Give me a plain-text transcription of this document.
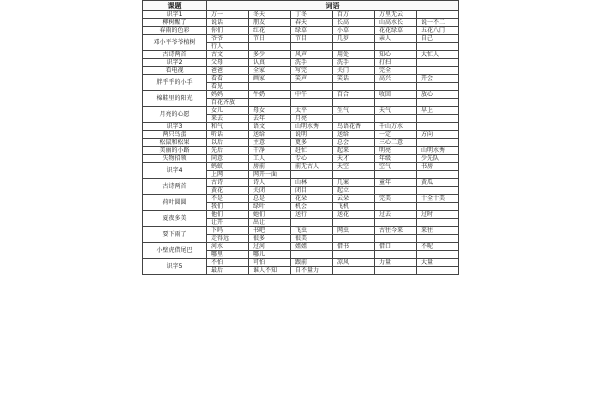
课题	词语					
识字1	万一	冬天	丁冬	百万	万里无云	
柳树醒了	说话	朋友	春天	长高	山高水长	说一不二
春雨的色彩	你们	红花	绿草	小草	花花绿草	五花八门
邓小平爷爷植树	爷爷	节日	节目	几岁	亲人	自己
	行人					
古诗两首	古文	多少	风声	用处	知心	大忙人
识字2	父母	认真	洗手	洗手	打扫	
看电视	爸爸	全家	写完	关门	完全	
胖乎乎的小手	看看	画家	笑声	笑话	高兴	开会
	看见					
棉鞋里的阳光	妈妈	牛奶	中午	百合	收回	放心
	百花齐放					
月亮的心愿	女儿	母女	太平	生气	天气	早上
	来去	去年	月亮			
识字3	和气	语文	山明水秀	鸟语花香	千山万水	
两只鸟蛋	听话	送给	说明	送给	一定	方向
松鼠和松果	以后	主意	更多	总会	三心二意	
美丽的小路	先后	干净	赶忙	起来	明亮	山明水秀
失物招领	同意	工人	专心	天才	年级	少先队
识字4	蚂蚁	房前	前无古人	天空	空气	书房
	上网	网开一面				
古诗两首	古诗	诗人	山林	几案	童年	黄瓜
	黄花	关闭	闭目	起立		
荷叶圆圆	不是	总是	花朵	云朵	完美	十全十美
	我们	绿叶	机会	飞机		
夏夜多美	他们	她们	送行	送花	过去	过时
	让开	出让				
要下雨了	下吗	书吧	飞虫	网虫	古往今来	来往
	走得远	很多	很美			
小壁虎借尾巴	河水	过河	姐姐	借书	借口	不呢
	哪里	哪儿				
识字5	不怕	可怕	跟前	凉风	力量	大量
	最后	谁人不知	自不量力			
